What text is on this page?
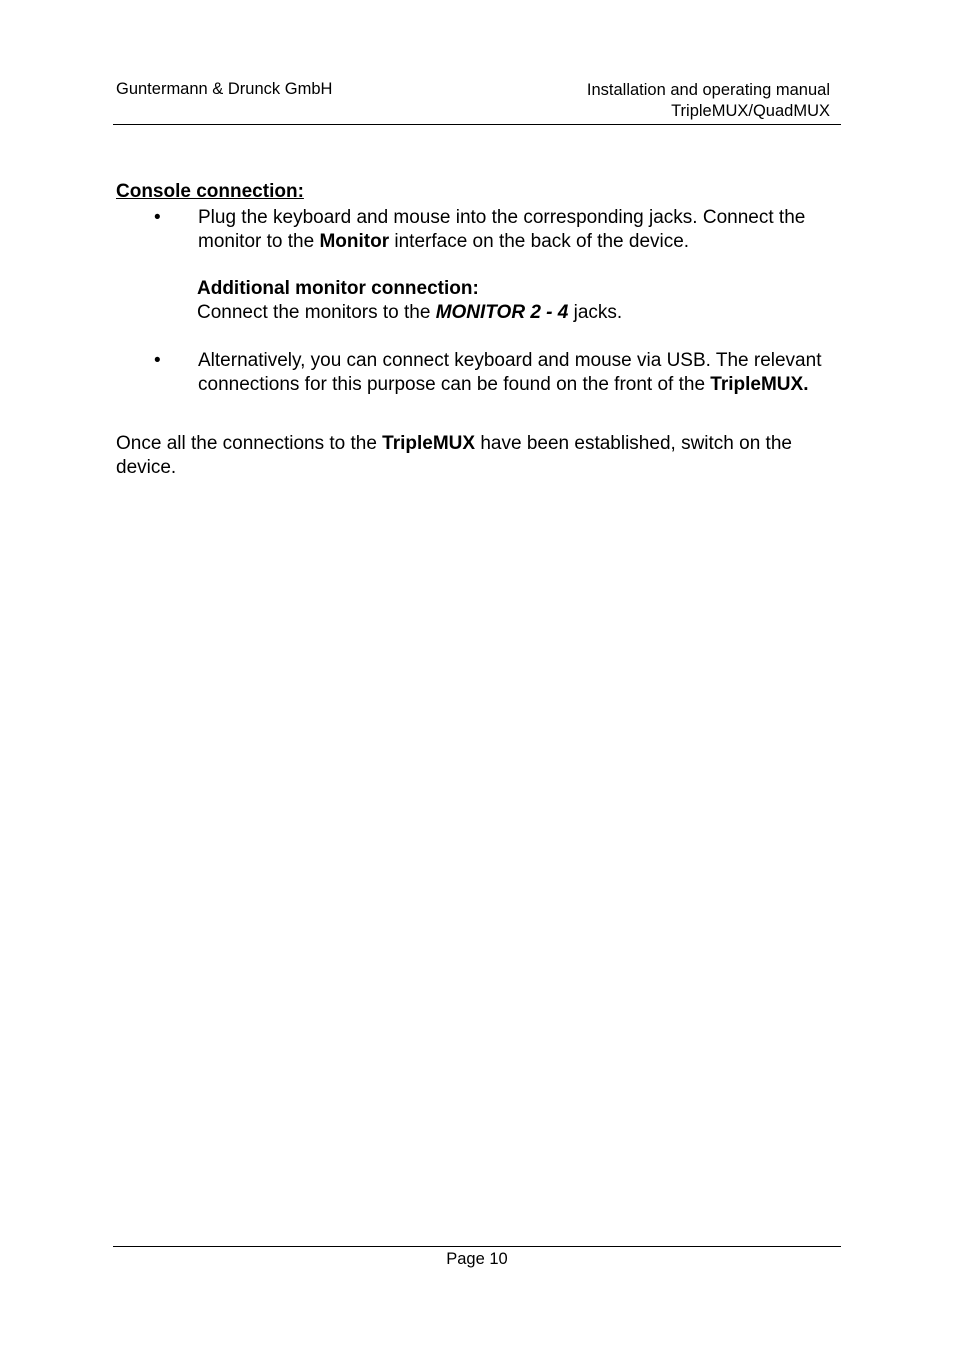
Guntermann & Drunck GmbH	Installation and operating manual
TripleMUX/QuadMUX
Console connection:
• Plug the keyboard and mouse into the corresponding jacks. Connect the monitor to the Monitor interface on the back of the device.
Additional monitor connection:
Connect the monitors to the MONITOR 2 - 4 jacks.
• Alternatively, you can connect keyboard and mouse via USB. The relevant connections for this purpose can be found on the front of the TripleMUX.
Once all the connections to the TripleMUX have been established, switch on the device.
Page 10
